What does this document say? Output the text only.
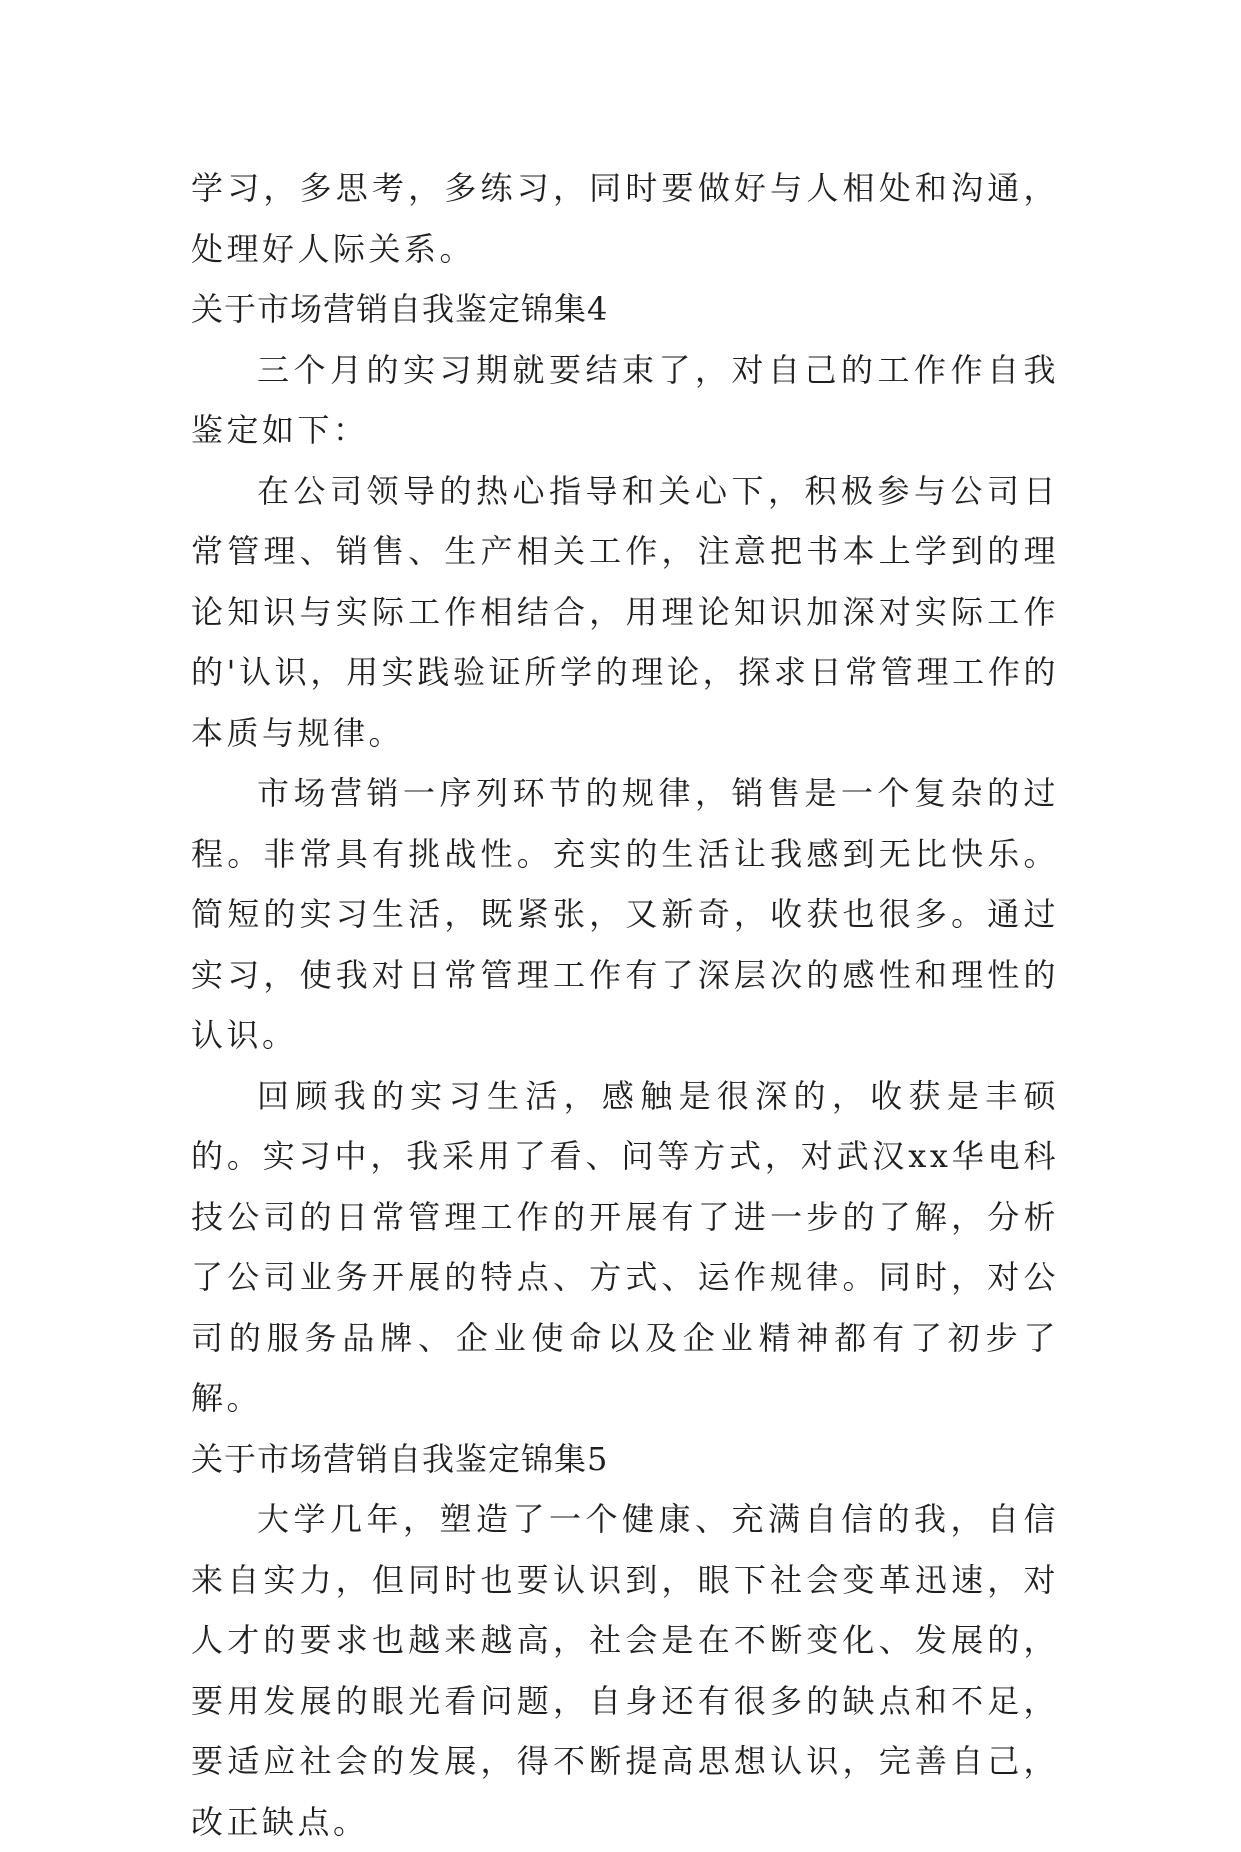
学习，多思考，多练习，同时要做好与人相处和沟通，处理好人际关系。

关于市场营销自我鉴定锦集4

三个月的实习期就要结束了，对自己的工作作自我鉴定如下：

在公司领导的热心指导和关心下，积极参与公司日常管理、销售、生产相关工作，注意把书本上学到的理论知识与实际工作相结合，用理论知识加深对实际工作的'认识，用实践验证所学的理论，探求日常管理工作的本质与规律。

市场营销一序列环节的规律，销售是一个复杂的过程。非常具有挑战性。充实的生活让我感到无比快乐。简短的实习生活，既紧张，又新奇，收获也很多。通过实习，使我对日常管理工作有了深层次的感性和理性的认识。

回顾我的实习生活，感触是很深的，收获是丰硕的。实习中，我采用了看、问等方式，对武汉xx华电科技公司的日常管理工作的开展有了进一步的了解，分析了公司业务开展的特点、方式、运作规律。同时，对公司的服务品牌、企业使命以及企业精神都有了初步了解。

关于市场营销自我鉴定锦集5

大学几年，塑造了一个健康、充满自信的我，自信来自实力，但同时也要认识到，眼下社会变革迅速，对人才的要求也越来越高，社会是在不断变化、发展的，要用发展的眼光看问题，自身还有很多的缺点和不足，要适应社会的发展，得不断提高思想认识，完善自己，改正缺点。
